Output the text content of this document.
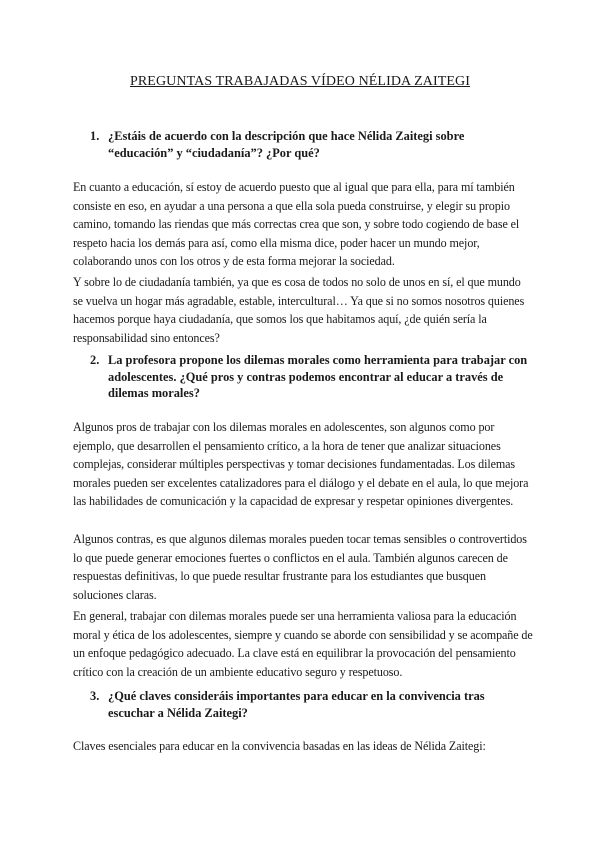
PREGUNTAS TRABAJADAS VÍDEO NÉLIDA ZAITEGI
1. ¿Estáis de acuerdo con la descripción que hace Nélida Zaitegi sobre “educación” y “ciudadanía”? ¿Por qué?

En cuanto a educación, sí estoy de acuerdo puesto que al igual que para ella, para mí también consiste en eso, en ayudar a una persona a que ella sola pueda construirse, y elegir su propio camino, tomando las riendas que más correctas crea que son, y sobre todo cogiendo de base el respeto hacia los demás para así, como ella misma dice, poder hacer un mundo mejor, colaborando unos con los otros y de esta forma mejorar la sociedad.

Y sobre lo de ciudadanía también, ya que es cosa de todos no solo de unos en sí, el que mundo se vuelva un hogar más agradable, estable, intercultural… Ya que si no somos nosotros quienes hacemos porque haya ciudadanía, que somos los que habitamos aquí, ¿de quién sería la responsabilidad sino entonces?

2. La profesora propone los dilemas morales como herramienta para trabajar con adolescentes. ¿Qué pros y contras podemos encontrar al educar a través de dilemas morales?

Algunos pros de trabajar con los dilemas morales en adolescentes, son algunos como por ejemplo, que desarrollen el pensamiento crítico, a la hora de tener que analizar situaciones complejas, considerar múltiples perspectivas y tomar decisiones fundamentadas. Los dilemas morales pueden ser excelentes catalizadores para el diálogo y el debate en el aula, lo que mejora las habilidades de comunicación y la capacidad de expresar y respetar opiniones divergentes.

Algunos contras, es que algunos dilemas morales pueden tocar temas sensibles o controvertidos lo que puede generar emociones fuertes o conflictos en el aula. También algunos carecen de respuestas definitivas, lo que puede resultar frustrante para los estudiantes que busquen soluciones claras.

En general, trabajar con dilemas morales puede ser una herramienta valiosa para la educación moral y ética de los adolescentes, siempre y cuando se aborde con sensibilidad y se acompañe de un enfoque pedagógico adecuado. La clave está en equilibrar la provocación del pensamiento crítico con la creación de un ambiente educativo seguro y respetuoso.

3. ¿Qué claves consideráis importantes para educar en la convivencia tras escuchar a Nélida Zaitegi?

Claves esenciales para educar en la convivencia basadas en las ideas de Nélida Zaitegi:
